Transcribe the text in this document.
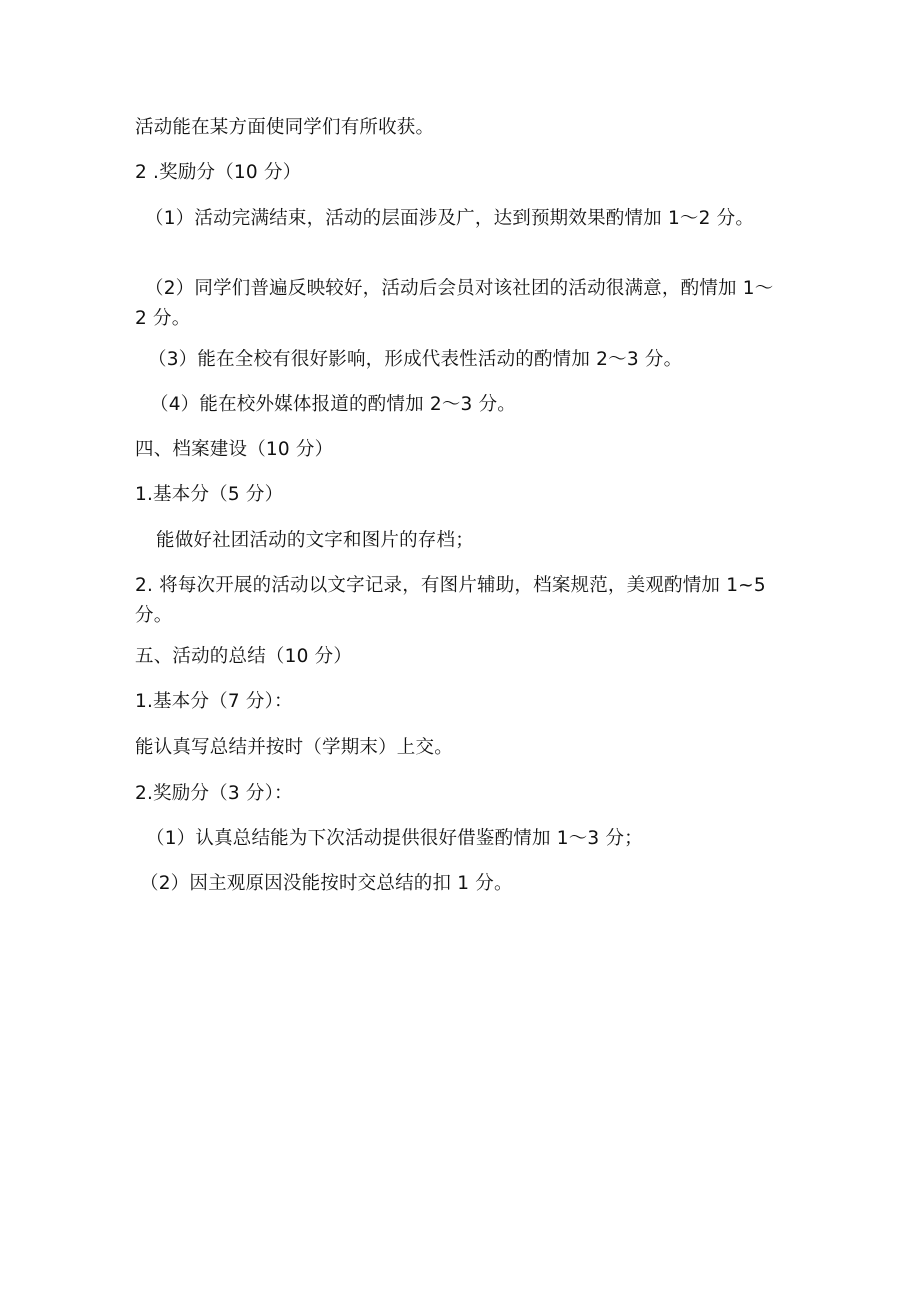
活动能在某方面使同学们有所收获。
2 .奖励分（10 分）
（1）活动完满结束，活动的层面涉及广，达到预期效果酌情加 1～2 分。
（2）同学们普遍反映较好，活动后会员对该社团的活动很满意，酌情加 1～2 分。
（3）能在全校有很好影响，形成代表性活动的酌情加 2～3 分。
（4）能在校外媒体报道的酌情加 2～3 分。
四、档案建设（10 分）
1.基本分（5 分）
能做好社团活动的文字和图片的存档；
2. 将每次开展的活动以文字记录，有图片辅助，档案规范，美观酌情加 1~5 分。
五、活动的总结（10 分）
1.基本分（7 分）：
能认真写总结并按时（学期末）上交。
2.奖励分（3 分）：
（1）认真总结能为下次活动提供很好借鉴酌情加 1～3 分；
（2）因主观原因没能按时交总结的扣 1 分。
